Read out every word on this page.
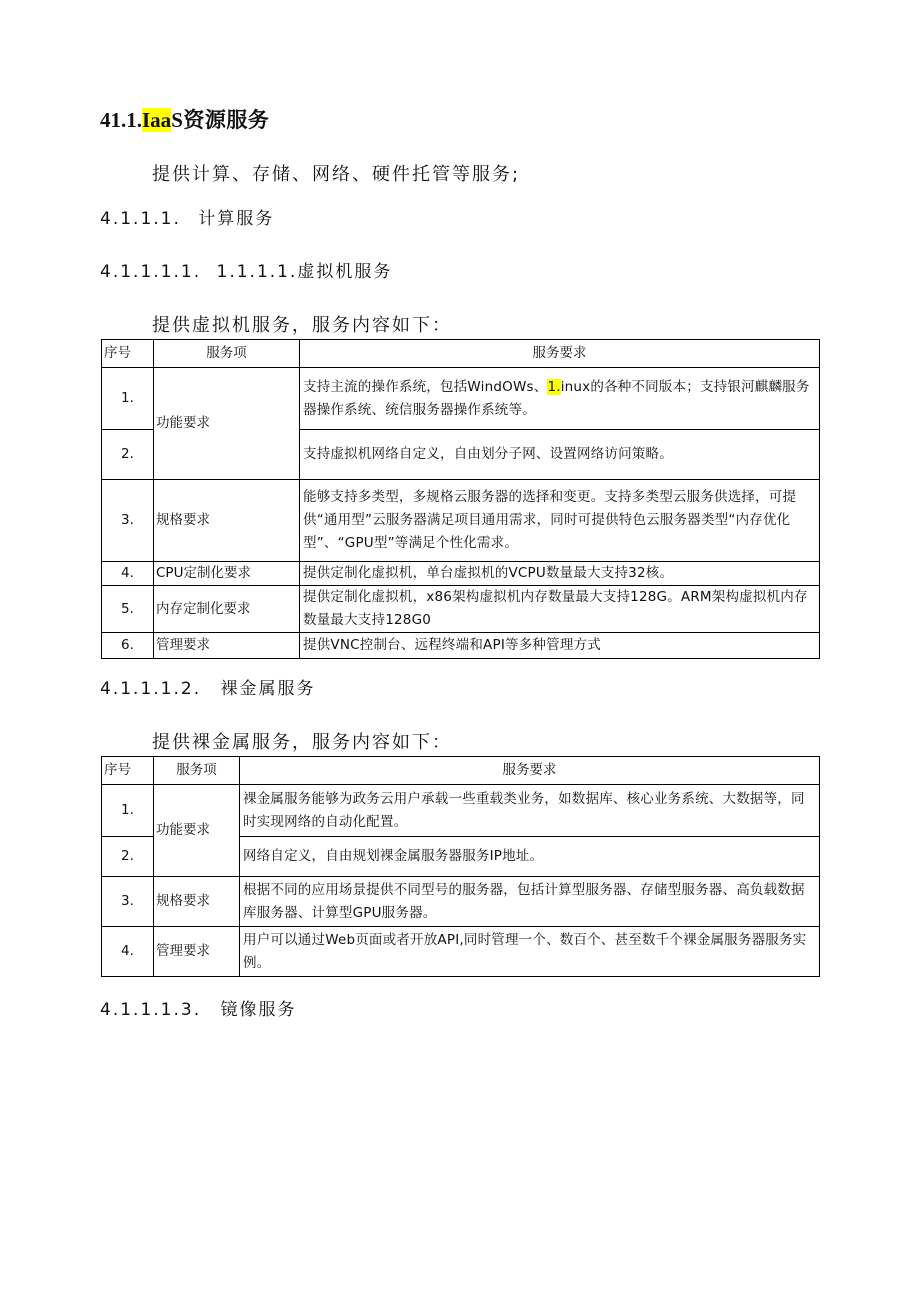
41.1.IaaS资源服务
提供计算、存储、网络、硬件托管等服务;
4.1.1.1. 计算服务
4.1.1.1.1. 1.1.1.1.虚拟机服务
提供虚拟机服务，服务内容如下：
序号	服务项	服务要求
1.	功能要求	支持主流的操作系统，包括WindOWs、1.inux的各种不同版本；支持银河麒麟服务器操作系统、统信服务器操作系统等。
2.		支持虚拟机网络自定义，自由划分子网、设置网络访问策略。
3.	规格要求	能够支持多类型，多规格云服务器的选择和变更。支持多类型云服务供选择，可提供“通用型”云服务器满足项目通用需求，同时可提供特色云服务器类型“内存优化型”、“GPU型”等满足个性化需求。
4.	CPU定制化要求	提供定制化虚拟机，单台虚拟机的VCPU数量最大支持32核。
5.	内存定制化要求	提供定制化虚拟机，x86架构虚拟机内存数量最大支持128G。ARM架构虚拟机内存数量最大支持128G0
6.	管理要求	提供VNC控制台、远程终端和API等多种管理方式
4.1.1.1.2. 裸金属服务
提供裸金属服务，服务内容如下：
序号	服务项	服务要求
1.	功能要求	裸金属服务能够为政务云用户承载一些重载类业务，如数据库、核心业务系统、大数据等，同时实现网络的自动化配置。
2.		网络自定义，自由规划裸金属服务器服务IP地址。
3.	规格要求	根据不同的应用场景提供不同型号的服务器，包括计算型服务器、存储型服务器、高负载数据库服务器、计算型GPU服务器。
4.	管理要求	用户可以通过Web页面或者开放API,同时管理一个、数百个、甚至数千个裸金属服务器服务实例。
4.1.1.1.3. 镜像服务
